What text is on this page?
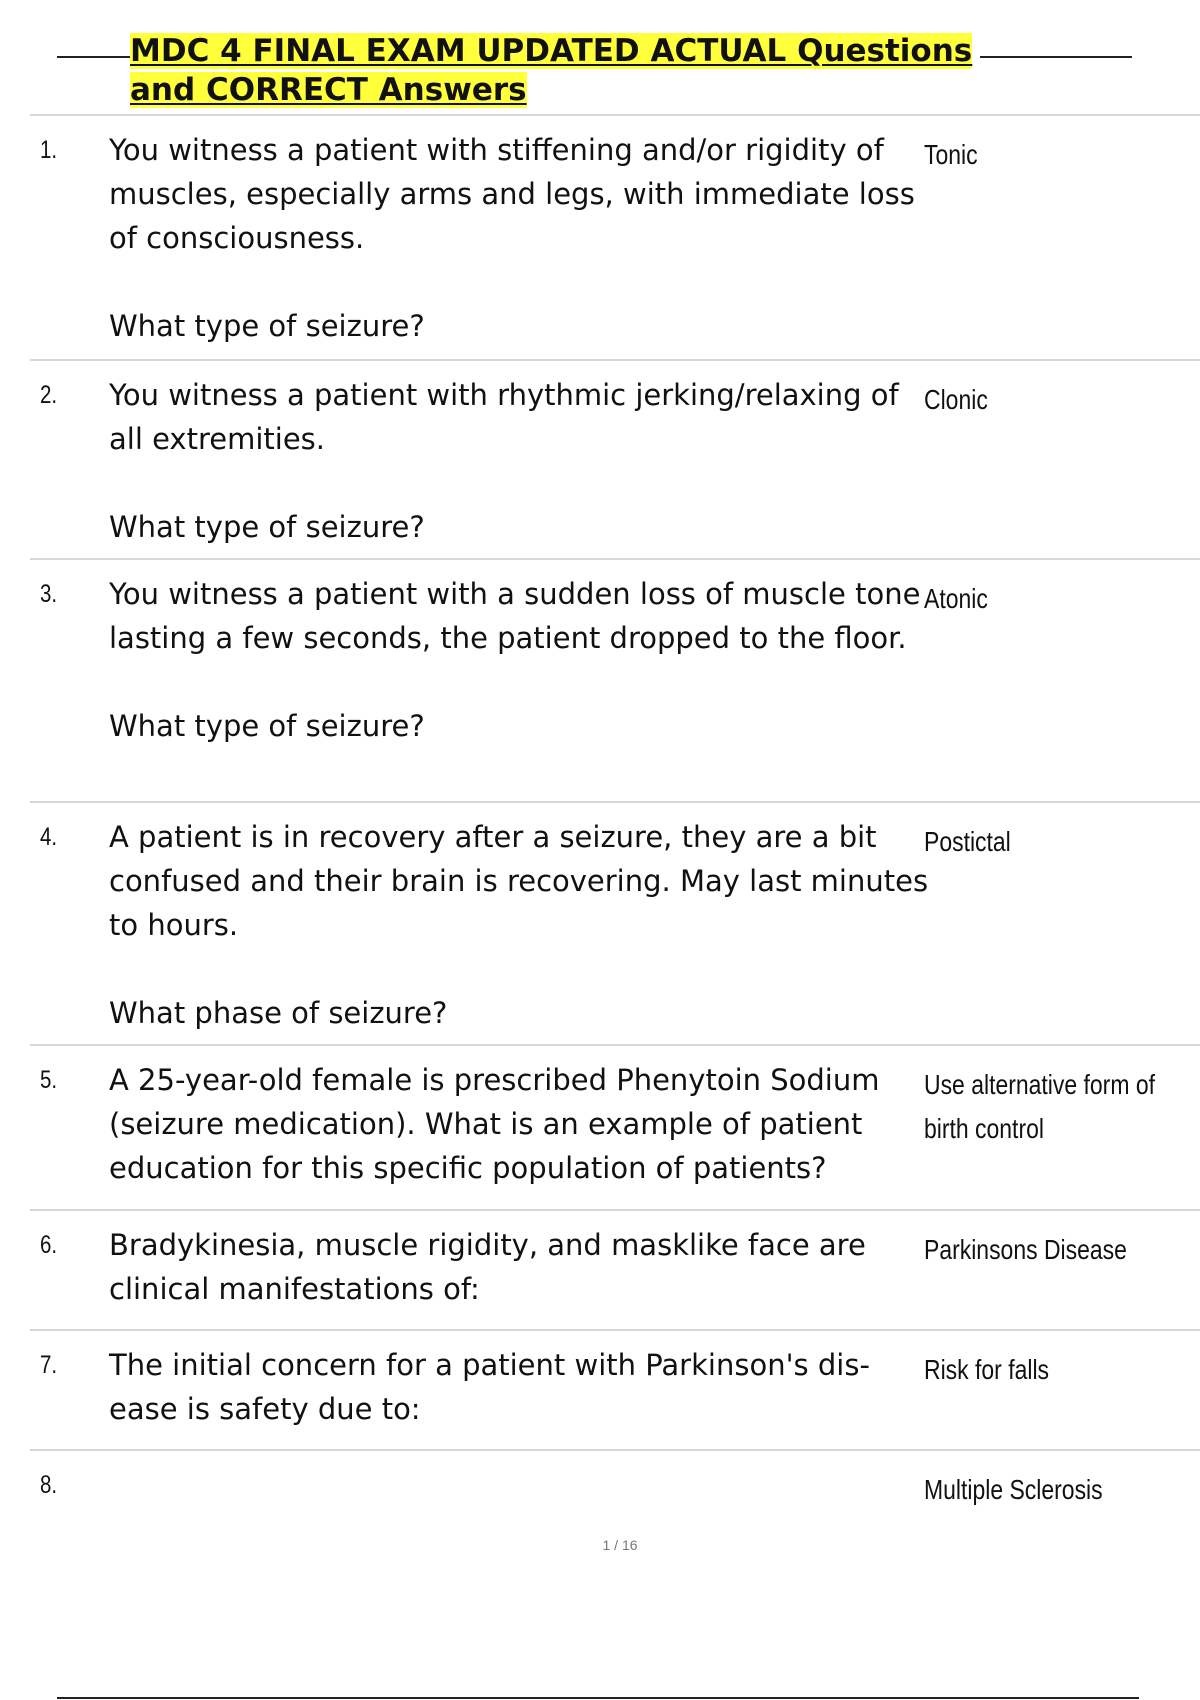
MDC 4 FINAL EXAM UPDATED ACTUAL Questions and CORRECT Answers
1. You witness a patient with stiffening and/or rigidity of muscles, especially arms and legs, with immediate loss of consciousness.

What type of seizure?
Tonic
2. You witness a patient with rhythmic jerking/relaxing of all extremities.

What type of seizure?
Clonic
3. You witness a patient with a sudden loss of muscle tone lasting a few seconds, the patient dropped to the floor.

What type of seizure?
Atonic
4. A patient is in recovery after a seizure, they are a bit confused and their brain is recovering. May last minutes to hours.

What phase of seizure?
Postictal
5. A 25-year-old female is prescribed Phenytoin Sodium (seizure medication). What is an example of patient education for this specific population of patients?
Use alternative form of birth control
6. Bradykinesia, muscle rigidity, and masklike face are clinical manifestations of:
Parkinsons Disease
7. The initial concern for a patient with Parkinson's dis- ease is safety due to:
Risk for falls
8.	Multiple Sclerosis
1 / 16
